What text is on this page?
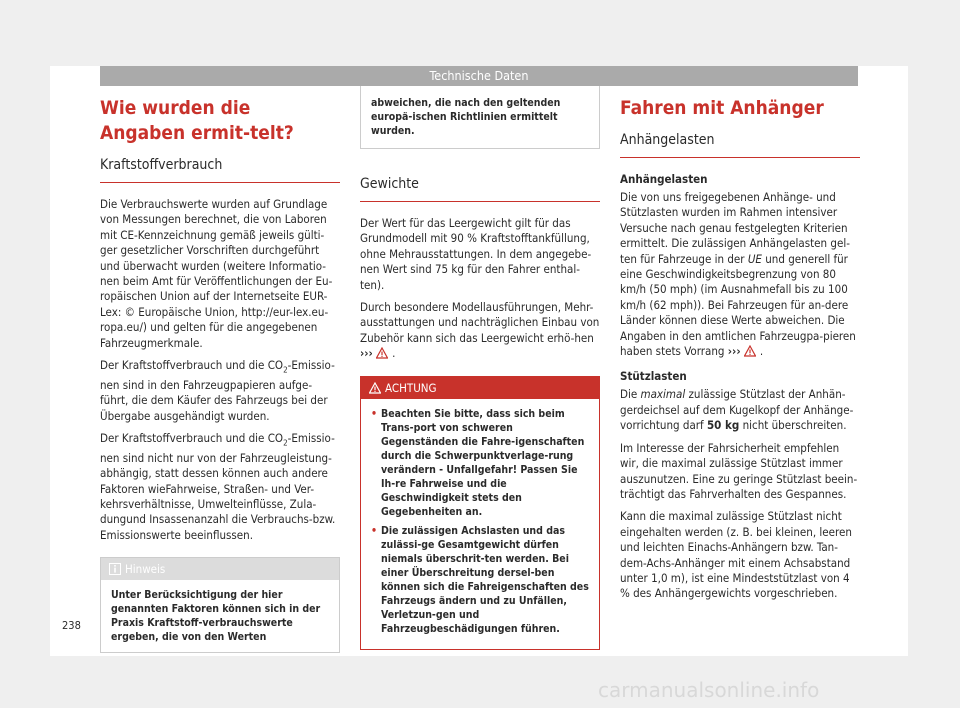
Technische Daten
Wie wurden die Angaben ermit-telt?
Kraftstoffverbrauch

Die Verbrauchswerte wurden auf Grundlage von Messungen berechnet, die von Laboren mit CE-Kennzeichnung gemäß jeweils gülti-ger gesetzlicher Vorschriften durchgeführt und überwacht wurden (weitere Informatio-nen beim Amt für Veröffentlichungen der Eu-ropäischen Union auf der Internetseite EUR-Lex: © Europäische Union, http://eur-lex.eu-ropa.eu/) und gelten für die angegebenen Fahrzeugmerkmale.

Der Kraftstoffverbrauch und die $CO_2-Emissio$-nen sind in den Fahrzeugpapieren aufge-führt, die dem Käufer des Fahrzeugs bei der Übergabe ausgehändigt wurden.

Der Kraftstoffverbrauch und die $CO_2-Emissio$-nen sind nicht nur von der Fahrzeugleistung-abhängig, statt dessen können auch andere Faktoren wieFahrweise, Straßen- und Ver-kehrsverhältnisse, Umwelteinflüsse, Zula-dungund Insassenanzahl die Verbrauchs-bzw. Emissionswerte beeinflussen.

Hinweis
Unter Berücksichtigung der hier genannten Faktoren können sich in der Praxis Kraftstoff-verbrauchswerte ergeben, die von den Werten
abweichen, die nach den geltenden europä-ischen Richtlinien ermittelt wurden.
Gewichte

Der Wert für das Leergewicht gilt für das Grundmodell mit 90 % Kraftstofftankfüllung, ohne Mehrausstattungen. In dem angegebe-nen Wert sind 75 kg für den Fahrer enthal-ten).

Durch besondere Modellausführungen, Mehr-ausstattungen und nachträglichen Einbau von Zubehör kann sich das Leergewicht erhö-hen ››› .

ACHTUNG
• Beachten Sie bitte, dass sich beim Trans-port von schweren Gegenständen die Fahre-igenschaften durch die Schwerpunktverlage-rung verändern - Unfallgefahr! Passen Sie Ih-re Fahrweise und die Geschwindigkeit stets den Gegebenheiten an.
• Die zulässigen Achslasten und das zulässi-ge Gesamtgewicht dürfen niemals überschrit-ten werden. Bei einer Überschreitung dersel-ben können sich die Fahreigenschaften des Fahrzeugs ändern und zu Unfällen, Verletzun-gen und Fahrzeugbeschädigungen führen.
Fahren mit Anhänger
Anhängelasten
Anhängelasten

Die von uns freigegebenen Anhänge- und Stützlasten wurden im Rahmen intensiver Versuche nach genau festgelegten Kriterien ermittelt. Die zulässigen Anhängelasten gel-ten für Fahrzeuge in der UE und generell für eine Geschwindigkeitsbegrenzung von 80 km/h (50 mph) (im Ausnahmefall bis zu 100 km/h (62 mph)). Bei Fahrzeugen für an-dere Länder können diese Werte abweichen. Die Angaben in den amtlichen Fahrzeugpa-pieren haben stets Vorrang ››› .

Stützlasten

Die maximal zulässige Stützlast der Anhän-gerdeichsel auf dem Kugelkopf der Anhänge-vorrichtung darf 50 kg nicht überschreiten.

Im Interesse der Fahrsicherheit empfehlen wir, die maximal zulässige Stützlast immer auszunutzen. Eine zu geringe Stützlast beein-trächtigt das Fahrverhalten des Gespannes.

Kann die maximal zulässige Stützlast nicht eingehalten werden (z. B. bei kleinen, leeren und leichten Einachs-Anhängern bzw. Tan-dem-Achs-Anhänger mit einem Achsabstand unter 1,0 m), ist eine Mindeststützlast von 4 % des Anhängergewichts vorgeschrieben.

238
carmanualsonline.info
